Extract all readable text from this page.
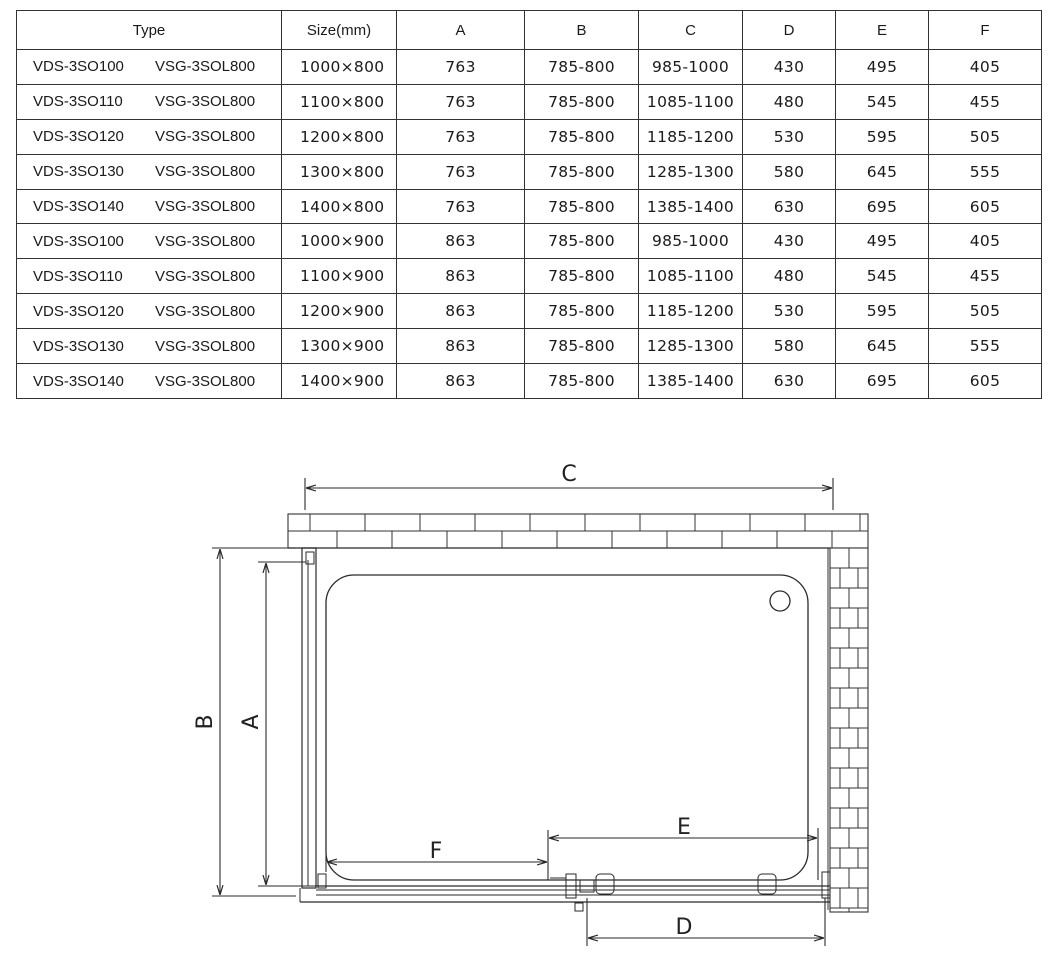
Type	Size(mm)	A	B	C	D	E	F
VDS-3SO100 VSG-3SOL800	1000×800	763	785-800	985-1000	430	495	405
VDS-3SO110 VSG-3SOL800	1100×800	763	785-800	1085-1100	480	545	455
VDS-3SO120 VSG-3SOL800	1200×800	763	785-800	1185-1200	530	595	505
VDS-3SO130 VSG-3SOL800	1300×800	763	785-800	1285-1300	580	645	555
VDS-3SO140 VSG-3SOL800	1400×800	763	785-800	1385-1400	630	695	605
VDS-3SO100 VSG-3SOL800	1000×900	863	785-800	985-1000	430	495	405
VDS-3SO110 VSG-3SOL800	1100×900	863	785-800	1085-1100	480	545	455
VDS-3SO120 VSG-3SOL800	1200×900	863	785-800	1185-1200	530	595	505
VDS-3SO130 VSG-3SOL800	1300×900	863	785-800	1285-1300	580	645	555
VDS-3SO140 VSG-3SOL800	1400×900	863	785-800	1385-1400	630	695	605
C
B A
F
E
D
